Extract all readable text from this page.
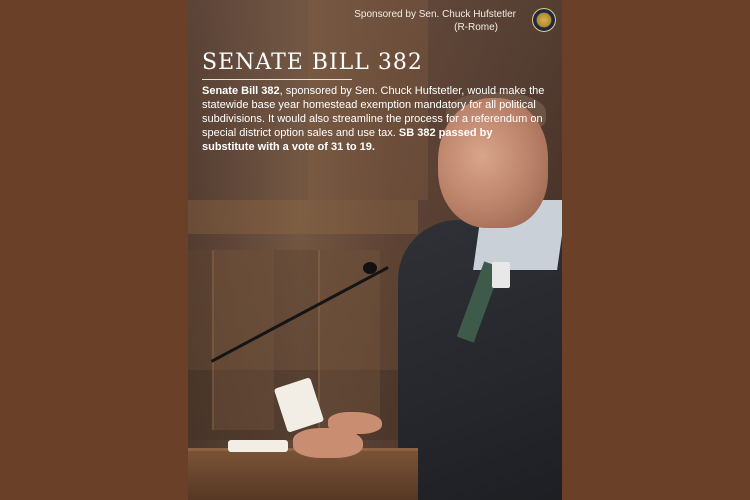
Sponsored by Sen. Chuck Hufstetler
(R-Rome)
SENATE BILL 382
Senate Bill 382, sponsored by Sen. Chuck Hufstetler, would make the statewide base year homestead exemption mandatory for all political subdivisions. It would also streamline the process for a referendum on special district option sales and use tax. SB 382 passed by substitute with a vote of 31 to 19.
